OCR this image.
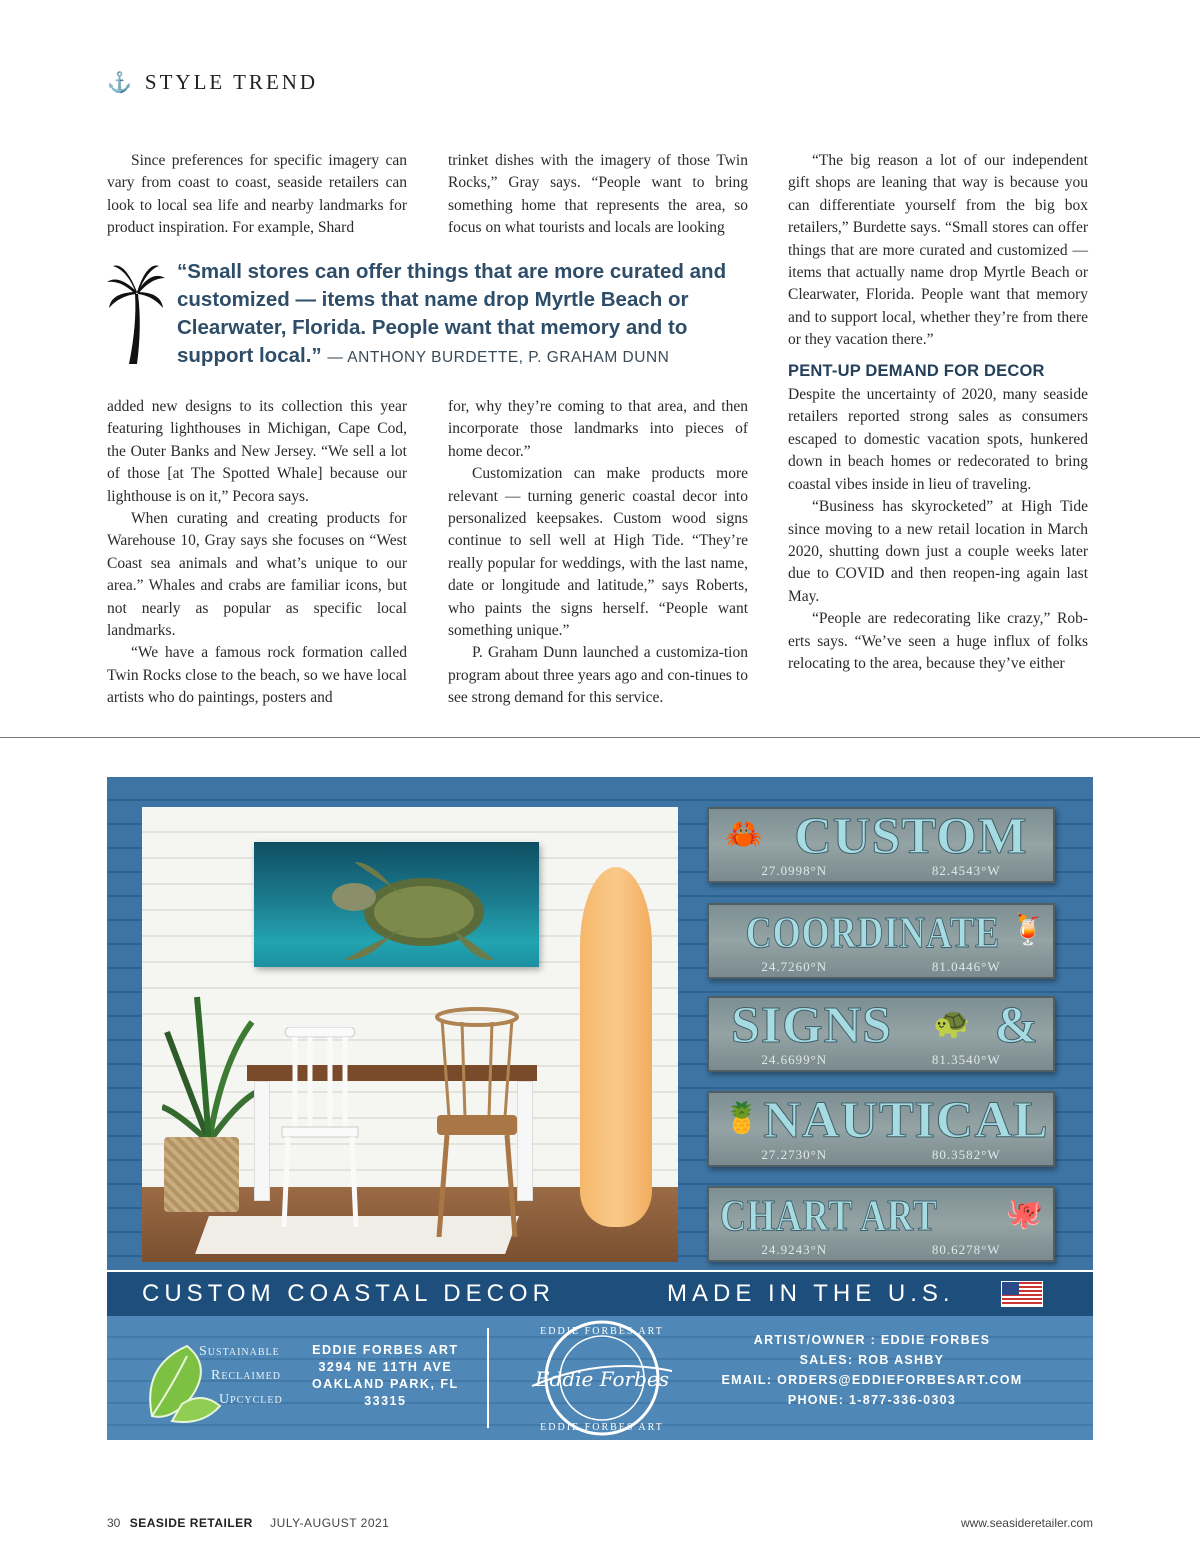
⚓ STYLE TREND

Since preferences for specific imagery can vary from coast to coast, seaside retailers can look to local sea life and nearby landmarks for product inspiration. For example, Shard

trinket dishes with the imagery of those Twin Rocks,” Gray says. “People want to bring something home that represents the area, so focus on what tourists and locals are looking

“The big reason a lot of our independent gift shops are leaning that way is because you can differentiate yourself from the big box retailers,” Burdette says. “Small stores can offer things that are more curated and customized — items that actually name drop Myrtle Beach or Clearwater, Florida. People want that memory and to support local, whether they’re from there or they vacation there.”

PENT-UP DEMAND FOR DECOR

Despite the uncertainty of 2020, many seaside retailers reported strong sales as consumers escaped to domestic vacation spots, hunkered down in beach homes or redecorated to bring coastal vibes inside in lieu of traveling.

“Business has skyrocketed” at High Tide since moving to a new retail location in March 2020, shutting down just a couple weeks later due to COVID and then reopen-ing again last May.

“People are redecorating like crazy,” Rob-erts says. “We’ve seen a huge influx of folks relocating to the area, because they’ve either

“Small stores can offer things that are more curated and customized — items that name drop Myrtle Beach or Clearwater, Florida. People want that memory and to support local.” — ANTHONY BURDETTE, P. GRAHAM DUNN

added new designs to its collection this year featuring lighthouses in Michigan, Cape Cod, the Outer Banks and New Jersey. “We sell a lot of those [at The Spotted Whale] because our lighthouse is on it,” Pecora says.

When curating and creating products for Warehouse 10, Gray says she focuses on “West Coast sea animals and what’s unique to our area.” Whales and crabs are familiar icons, but not nearly as popular as specific local landmarks.

“We have a famous rock formation called Twin Rocks close to the beach, so we have local artists who do paintings, posters and

for, why they’re coming to that area, and then incorporate those landmarks into pieces of home decor.”

Customization can make products more relevant — turning generic coastal decor into personalized keepsakes. Custom wood signs continue to sell well at High Tide. “They’re really popular for weddings, with the last name, date or longitude and latitude,” says Roberts, who paints the signs herself. “People want something unique.”

P. Graham Dunn launched a customiza-tion program about three years ago and con-tinues to see strong demand for this service.

CUSTOM
🦀
27.0998°N	82.4543°W
COORDINATE 🍹
24.7260°N	81.0446°W
SIGNS	🐢 &
24.6699°N	81.3540°W
NAUTICAL
🍍
27.2730°N	80.3582°W
CHART ART	🐙
24.9243°N	80.6278°W
CUSTOM COASTAL DECOR	MADE IN THE U.S.
Sustainable
Reclaimed
Upcycled
EDDIE FORBES ART
3294 NE 11TH AVE
OAKLAND PARK, FL
33315
Eddie Forbes
EDDIE FORBES ART
EDDIE FORBES ART
ARTIST/OWNER : EDDIE FORBES
SALES: ROB ASHBY
EMAIL: ORDERS@EDDIEFORBESART.COM
PHONE: 1-877-336-0303
30 SEASIDE RETAILER JULY-AUGUST 2021	www.seasideretailer.com
